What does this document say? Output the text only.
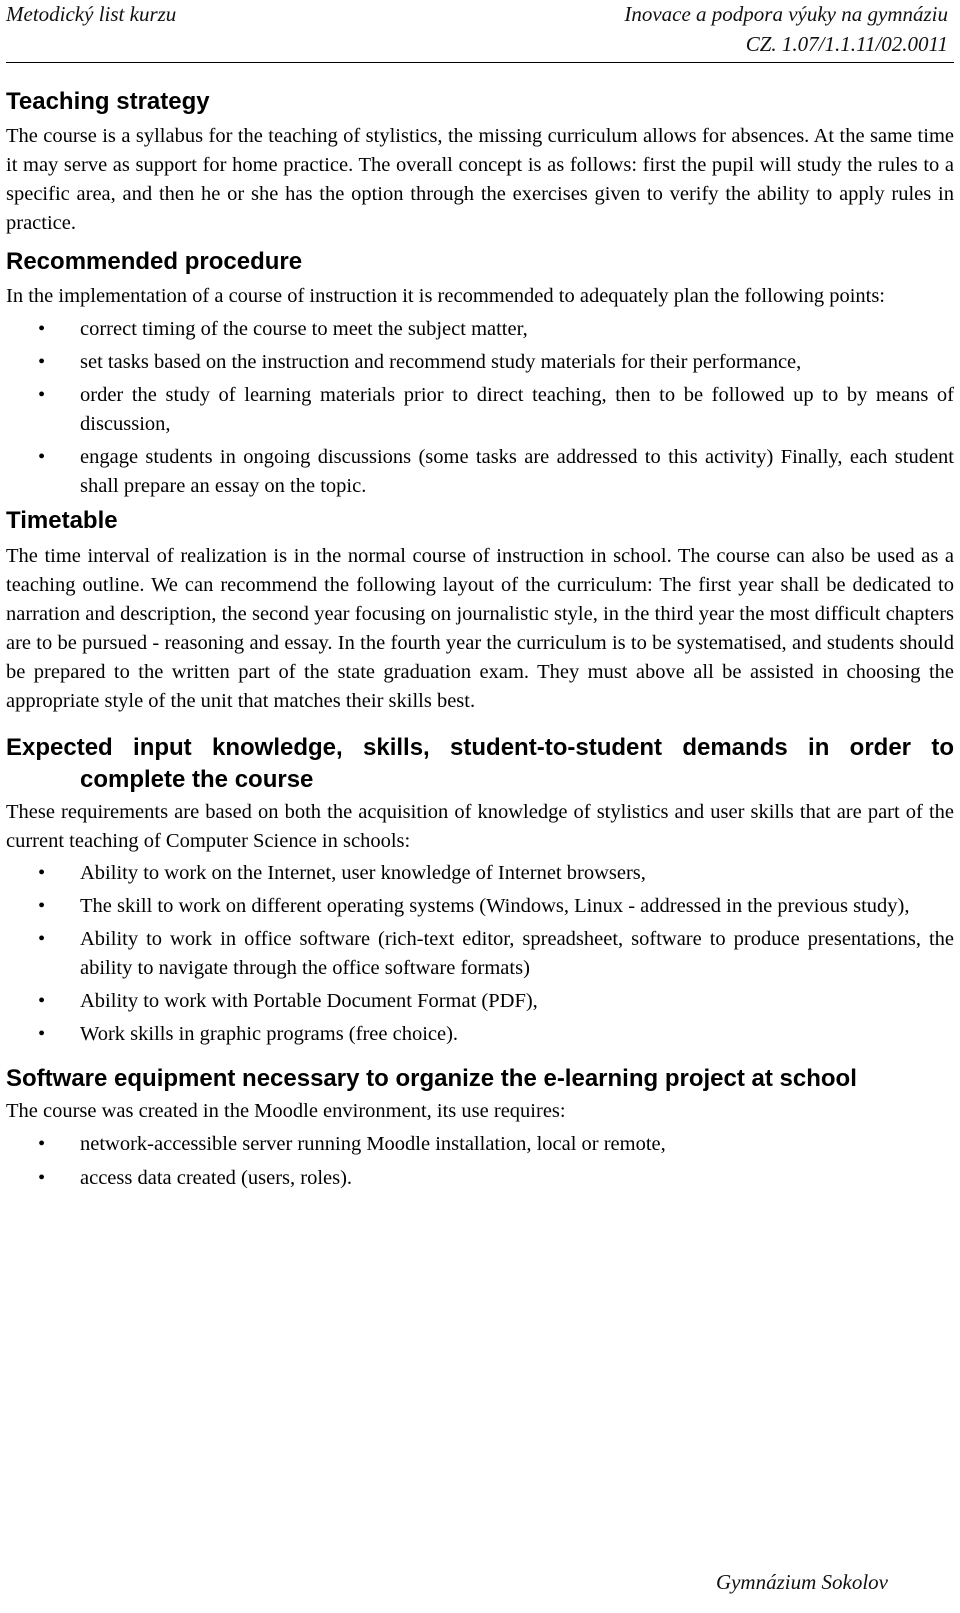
Metodický list kurzu	Inovace a podpora výuky na gymnáziu
CZ. 1.07/1.1.11/02.0011
Teaching strategy

The course is a syllabus for the teaching of stylistics, the missing curriculum allows for absences. At the same time it may serve as support for home practice. The overall concept is as follows: first the pupil will study the rules to a specific area, and then he or she has the option through the exercises given to verify the ability to apply rules in practice.

Recommended procedure

In the implementation of a course of instruction it is recommended to adequately plan the following points:

• correct timing of the course to meet the subject matter,
• set tasks based on the instruction and recommend study materials for their performance,
• order the study of learning materials prior to direct teaching, then to be followed up to by means of discussion,
• engage students in ongoing discussions (some tasks are addressed to this activity) Finally, each student shall prepare an essay on the topic.
Timetable

The time interval of realization is in the normal course of instruction in school. The course can also be used as a teaching outline. We can recommend the following layout of the curriculum: The first year shall be dedicated to narration and description, the second year focusing on journalistic style, in the third year the most difficult chapters are to be pursued - reasoning and essay. In the fourth year the curriculum is to be systematised, and students should be prepared to the written part of the state graduation exam. They must above all be assisted in choosing the appropriate style of the unit that matches their skills best.

Expected input knowledge, skills, student-to-student demands in order to complete the course

These requirements are based on both the acquisition of knowledge of stylistics and user skills that are part of the current teaching of Computer Science in schools:

• Ability to work on the Internet, user knowledge of Internet browsers,
• The skill to work on different operating systems (Windows, Linux - addressed in the previous study),
• Ability to work in office software (rich-text editor, spreadsheet, software to produce presentations, the ability to navigate through the office software formats)
• Ability to work with Portable Document Format (PDF),
• Work skills in graphic programs (free choice).
Software equipment necessary to organize the e-learning project at school

The course was created in the Moodle environment, its use requires:

• network-accessible server running Moodle installation, local or remote,
• access data created (users, roles).
Gymnázium Sokolov
